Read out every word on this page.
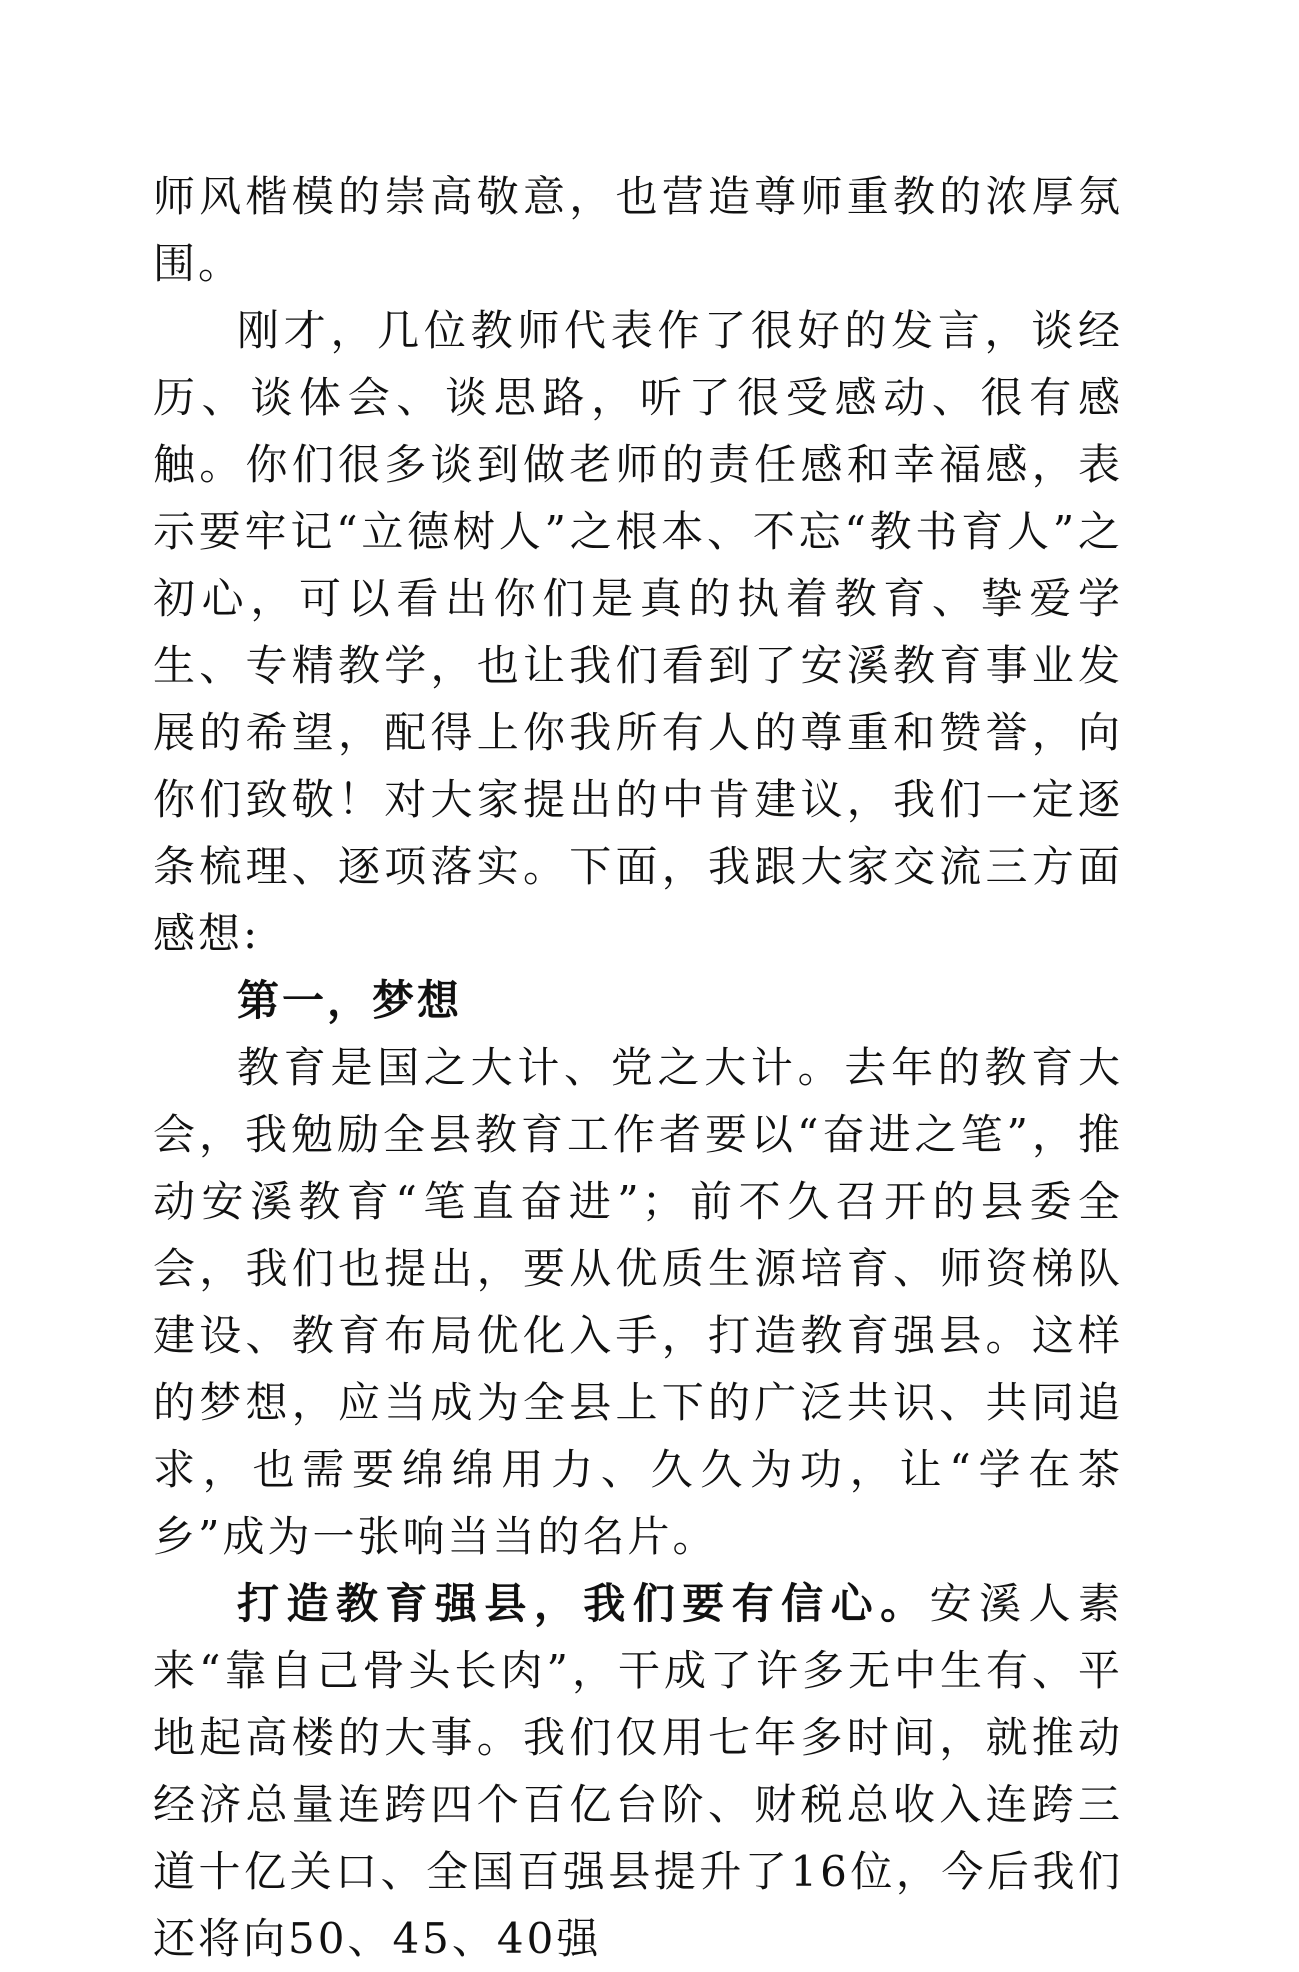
师风楷模的崇高敬意，也营造尊师重教的浓厚氛围。

刚才，几位教师代表作了很好的发言，谈经历、谈体会、谈思路，听了很受感动、很有感触。你们很多谈到做老师的责任感和幸福感，表示要牢记“立德树人”之根本、不忘“教书育人”之初心，可以看出你们是真的执着教育、挚爱学生、专精教学，也让我们看到了安溪教育事业发展的希望，配得上你我所有人的尊重和赞誉，向你们致敬！对大家提出的中肯建议，我们一定逐条梳理、逐项落实。下面，我跟大家交流三方面感想:

第一，梦想

教育是国之大计、党之大计。去年的教育大会，我勉励全县教育工作者要以“奋进之笔”，推动安溪教育“笔直奋进”；前不久召开的县委全会，我们也提出，要从优质生源培育、师资梯队建设、教育布局优化入手，打造教育强县。这样的梦想，应当成为全县上下的广泛共识、共同追求，也需要绵绵用力、久久为功，让“学在茶乡”成为一张响当当的名片。

打造教育强县，我们要有信心。安溪人素来“靠自己骨头长肉”，干成了许多无中生有、平地起高楼的大事。我们仅用七年多时间，就推动经济总量连跨四个百亿台阶、财税总收入连跨三道十亿关口、全国百强县提升了16位，今后我们还将向50、45、40强
